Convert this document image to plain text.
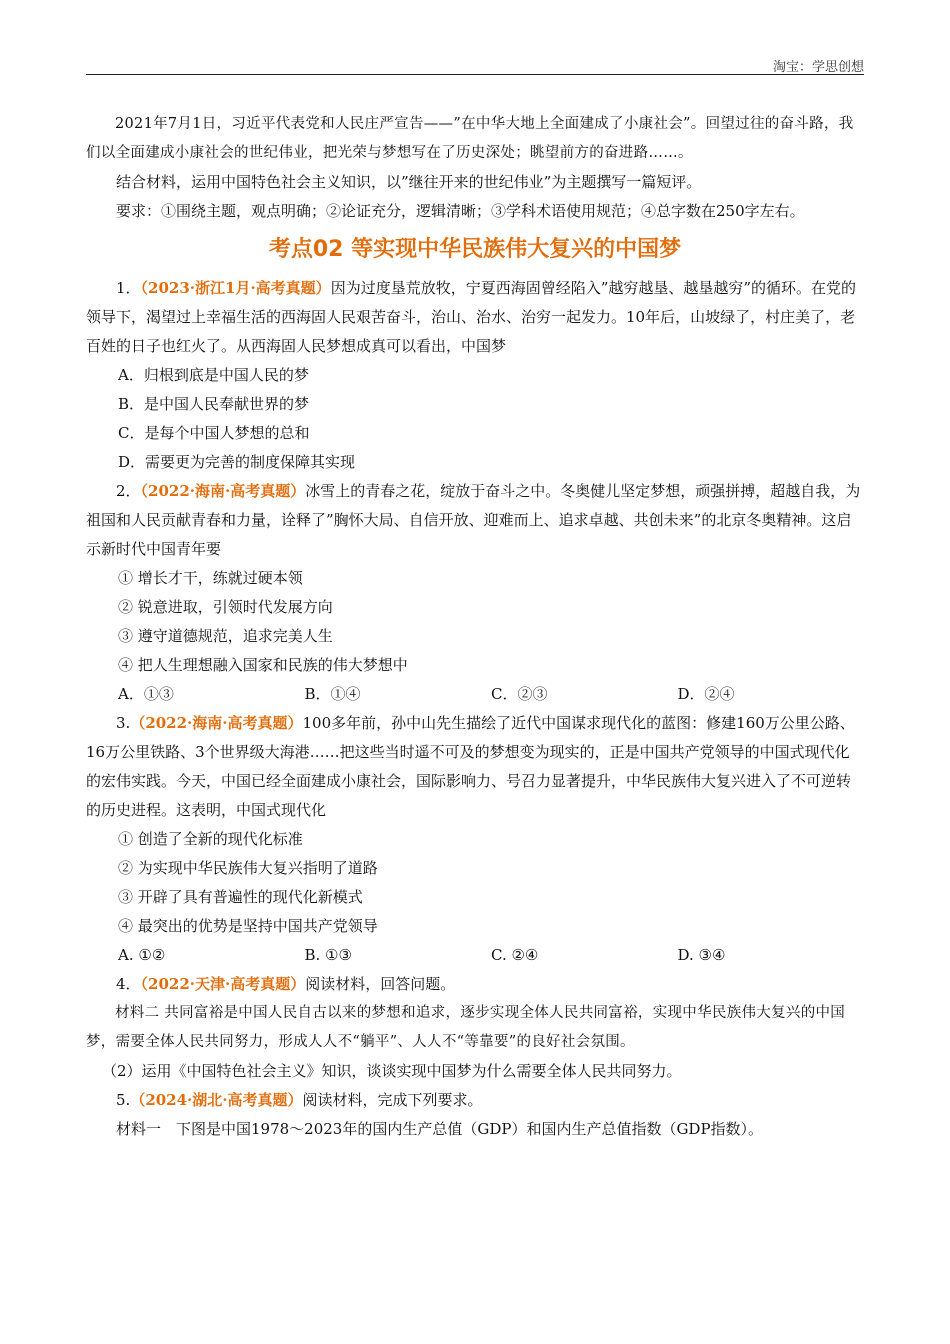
淘宝：学思创想

2021年7月1日，习近平代表党和人民庄严宣告——”在中华大地上全面建成了小康社会”。回望过往的奋斗路，我们以全面建成小康社会的世纪伟业，把光荣与梦想写在了历史深处；眺望前方的奋进路……。

结合材料，运用中国特色社会主义知识，以”继往开来的世纪伟业”为主题撰写一篇短评。

要求：①围绕主题，观点明确；②论证充分，逻辑清晰；③学科术语使用规范；④总字数在250字左右。

考点02 等实现中华民族伟大复兴的中国梦

1．（2023·浙江1月·高考真题）因为过度垦荒放牧，宁夏西海固曾经陷入”越穷越垦、越垦越穷”的循环。在党的领导下，渴望过上幸福生活的西海固人民艰苦奋斗，治山、治水、治穷一起发力。10年后，山坡绿了，村庄美了，老百姓的日子也红火了。从西海固人民梦想成真可以看出，中国梦

A．归根到底是中国人民的梦

B．是中国人民奉献世界的梦

C．是每个中国人梦想的总和

D．需要更为完善的制度保障其实现

2．（2022·海南·高考真题）冰雪上的青春之花，绽放于奋斗之中。冬奥健儿坚定梦想，顽强拼搏，超越自我，为祖国和人民贡献青春和力量，诠释了”胸怀大局、自信开放、迎难而上、追求卓越、共创未来”的北京冬奥精神。这启示新时代中国青年要

① 增长才干，练就过硬本领

② 锐意进取，引领时代发展方向

③ 遵守道德规范，追求完美人生

④ 把人生理想融入国家和民族的伟大梦想中

A．①③	B．①④	C．②③	D．②④

3.（2022·海南·高考真题）100多年前，孙中山先生描绘了近代中国谋求现代化的蓝图：修建160万公里公路、16万公里铁路、3个世界级大海港……把这些当时遥不可及的梦想变为现实的，正是中国共产党领导的中国式现代化的宏伟实践。今天，中国已经全面建成小康社会，国际影响力、号召力显著提升，中华民族伟大复兴进入了不可逆转的历史进程。这表明，中国式现代化

① 创造了全新的现代化标准

② 为实现中华民族伟大复兴指明了道路

③ 开辟了具有普遍性的现代化新模式

④ 最突出的优势是坚持中国共产党领导

A. ①②	B. ①③	C. ②④	D. ③④

4．（2022·天津·高考真题）阅读材料，回答问题。

材料二 共同富裕是中国人民自古以来的梦想和追求，逐步实现全体人民共同富裕，实现中华民族伟大复兴的中国梦，需要全体人民共同努力，形成人人不“躺平”、人人不“等靠要”的良好社会氛围。

（2）运用《中国特色社会主义》知识，谈谈实现中国梦为什么需要全体人民共同努力。

5.（2024·湖北·高考真题）阅读材料，完成下列要求。

材料一　下图是中国1978～2023年的国内生产总值（GDP）和国内生产总值指数（GDP指数）。
